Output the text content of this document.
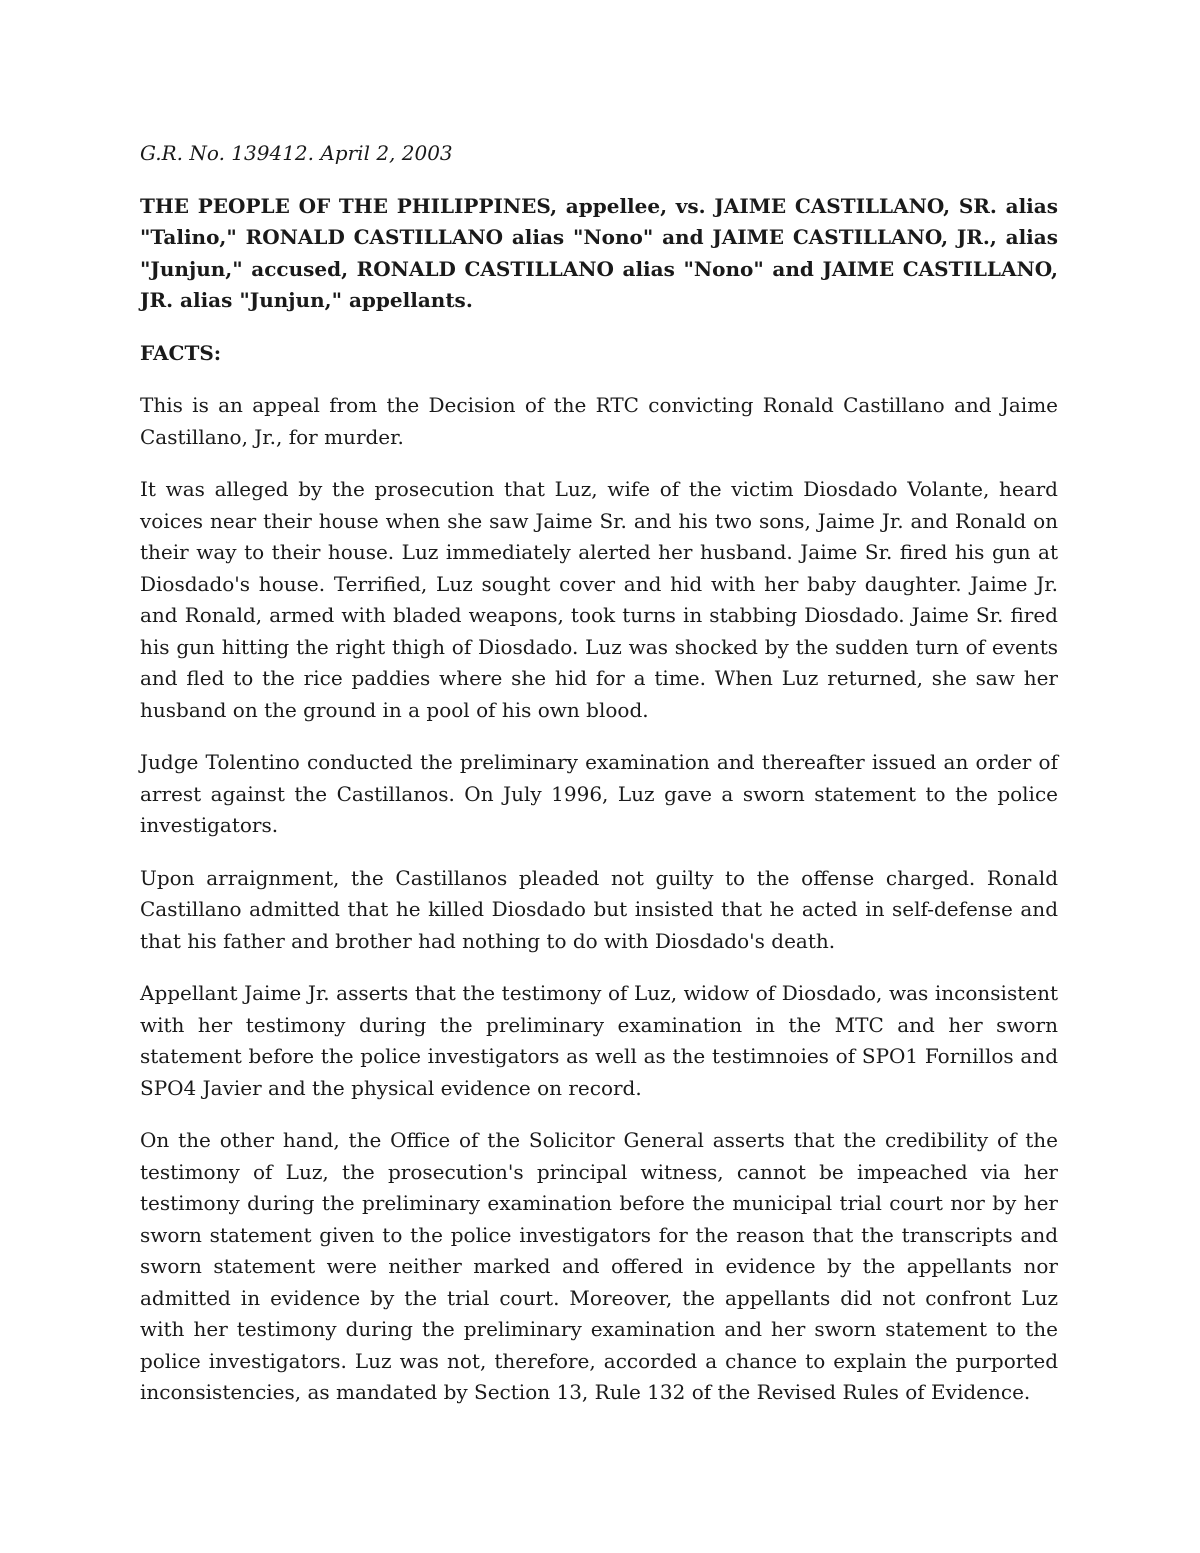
G.R. No. 139412. April 2, 2003

THE PEOPLE OF THE PHILIPPINES, appellee, vs. JAIME CASTILLANO, SR. alias "Talino," RONALD CASTILLANO alias "Nono" and JAIME CASTILLANO, JR., alias "Junjun," accused, RONALD CASTILLANO alias "Nono" and JAIME CASTILLANO, JR. alias "Junjun," appellants.

FACTS:

This is an appeal from the Decision of the RTC convicting Ronald Castillano and Jaime Castillano, Jr., for murder.

It was alleged by the prosecution that Luz, wife of the victim Diosdado Volante, heard voices near their house when she saw Jaime Sr. and his two sons, Jaime Jr. and Ronald on their way to their house. Luz immediately alerted her husband. Jaime Sr. fired his gun at Diosdado's house. Terrified, Luz sought cover and hid with her baby daughter. Jaime Jr. and Ronald, armed with bladed weapons, took turns in stabbing Diosdado. Jaime Sr. fired his gun hitting the right thigh of Diosdado. Luz was shocked by the sudden turn of events and fled to the rice paddies where she hid for a time. When Luz returned, she saw her husband on the ground in a pool of his own blood.

Judge Tolentino conducted the preliminary examination and thereafter issued an order of arrest against the Castillanos. On July 1996, Luz gave a sworn statement to the police investigators.

Upon arraignment, the Castillanos pleaded not guilty to the offense charged. Ronald Castillano admitted that he killed Diosdado but insisted that he acted in self-defense and that his father and brother had nothing to do with Diosdado's death.

Appellant Jaime Jr. asserts that the testimony of Luz, widow of Diosdado, was inconsistent with her testimony during the preliminary examination in the MTC and her sworn statement before the police investigators as well as the testimnoies of SPO1 Fornillos and SPO4 Javier and the physical evidence on record.

On the other hand, the Office of the Solicitor General asserts that the credibility of the testimony of Luz, the prosecution's principal witness, cannot be impeached via her testimony during the preliminary examination before the municipal trial court nor by her sworn statement given to the police investigators for the reason that the transcripts and sworn statement were neither marked and offered in evidence by the appellants nor admitted in evidence by the trial court. Moreover, the appellants did not confront Luz with her testimony during the preliminary examination and her sworn statement to the police investigators. Luz was not, therefore, accorded a chance to explain the purported inconsistencies, as mandated by Section 13, Rule 132 of the Revised Rules of Evidence.
